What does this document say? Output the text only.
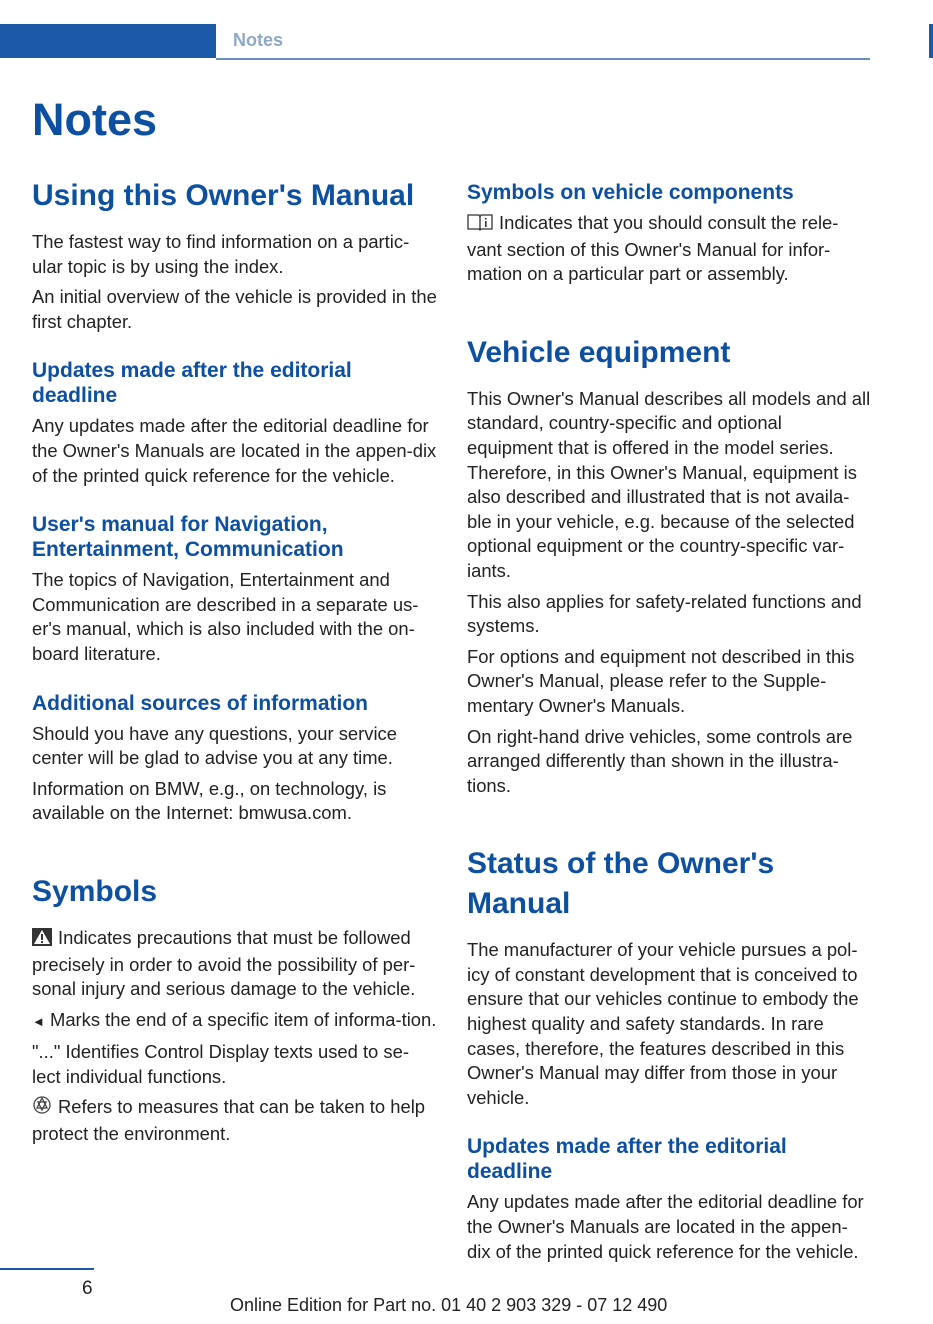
Notes
Notes
Using this Owner's Manual

The fastest way to find information on a partic‐ular topic is by using the index.

An initial overview of the vehicle is provided in the first chapter.

Updates made after the editorial deadline

Any updates made after the editorial deadline for the Owner's Manuals are located in the appen‐dix of the printed quick reference for the vehicle.

User's manual for Navigation, Entertainment, Communication

The topics of Navigation, Entertainment and Communication are described in a separate us‐er's manual, which is also included with the on‐board literature.

Additional sources of information

Should you have any questions, your service center will be glad to advise you at any time.

Information on BMW, e.g., on technology, is available on the Internet: bmwusa.com.

Symbols

Indicates precautions that must be followed precisely in order to avoid the possibility of per‐sonal injury and serious damage to the vehicle.

◄ Marks the end of a specific item of informa‐tion.

"..." Identifies Control Display texts used to se‐lect individual functions.

Refers to measures that can be taken to help protect the environment.

Symbols on vehicle components

Indicates that you should consult the rele‐vant section of this Owner's Manual for infor‐mation on a particular part or assembly.

Vehicle equipment

This Owner's Manual describes all models and all standard, country-specific and optional equipment that is offered in the model series. Therefore, in this Owner's Manual, equipment is also described and illustrated that is not availa‐ble in your vehicle, e.g. because of the selected optional equipment or the country-specific var‐iants.

This also applies for safety-related functions and systems.

For options and equipment not described in this Owner's Manual, please refer to the Supple‐mentary Owner's Manuals.

On right-hand drive vehicles, some controls are arranged differently than shown in the illustra‐tions.

Status of the Owner's Manual

The manufacturer of your vehicle pursues a pol‐icy of constant development that is conceived to ensure that our vehicles continue to embody the highest quality and safety standards. In rare cases, therefore, the features described in this Owner's Manual may differ from those in your vehicle.

Updates made after the editorial deadline

Any updates made after the editorial deadline for the Owner's Manuals are located in the appen‐dix of the printed quick reference for the vehicle.

6
Online Edition for Part no. 01 40 2 903 329 - 07 12 490
